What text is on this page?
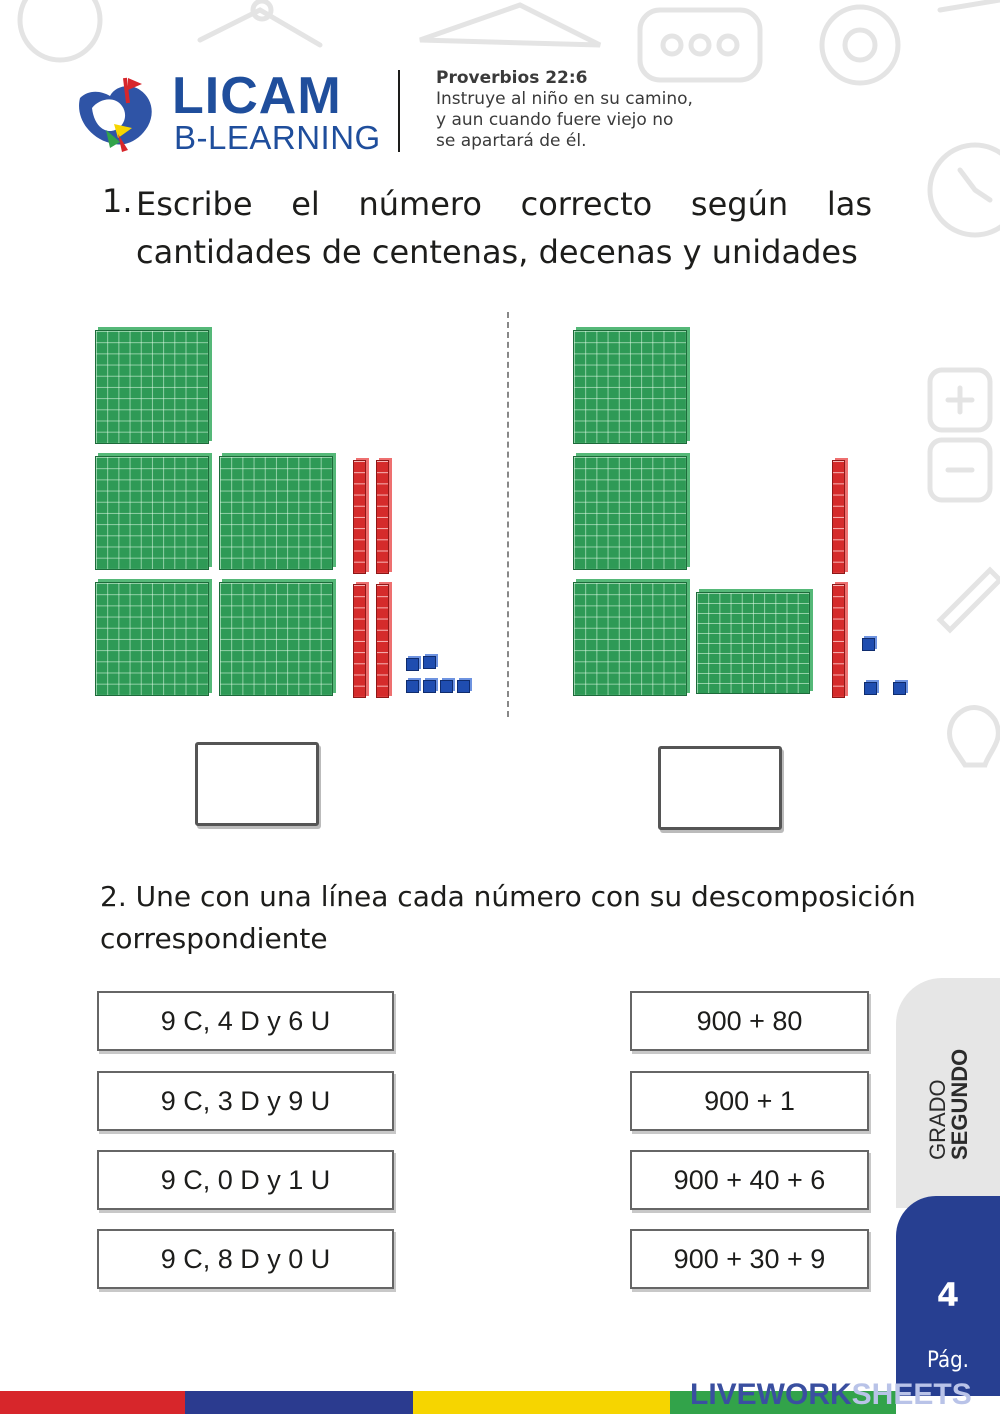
LICAM
B-LEARNING
Proverbios 22:6
Instruye al niño en su camino,
y aun cuando fuere viejo no
se apartará de él.
1. Escribe el número correcto según las cantidades de centenas, decenas y unidades
2. Une con una línea cada número con su descomposición correspondiente
9 C, 4 D y 6 U
9 C, 3 D y 9 U
9 C, 0 D y 1 U
9 C, 8 D y 0 U
900 + 80
900 + 1
900 + 40 + 6
900 + 30 + 9
GRADO
SEGUNDO
4
Pág.
LIVEWORKSHEETS
